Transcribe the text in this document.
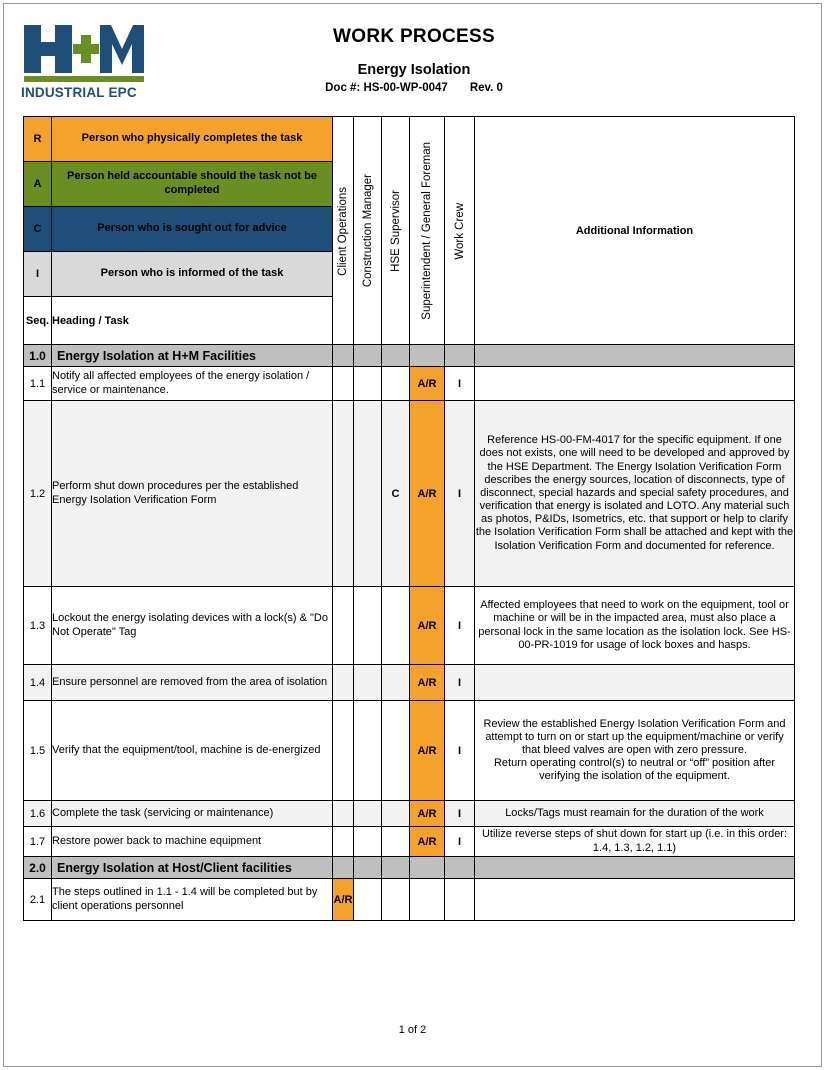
INDUSTRIAL EPC
WORK PROCESS
Energy Isolation
Doc #: HS-00-WP-0047 Rev. 0
R	Person who physically completes the task	Client Operations	Construction Manager	HSE Supervisor	Superintendent / General Foreman	Work Crew	Additional Information
A	Person held accountable should the task not be completed						
C	Person who is sought out for advice						
I	Person who is informed of the task						
Seq.	Heading / Task						
1.0	Energy Isolation at H+M Facilities						
1.1	Notify all affected employees of the energy isolation / service or maintenance.				A/R	I	
1.2	Perform shut down procedures per the established Energy Isolation Verification Form			C	A/R	I	Reference HS-00-FM-4017 for the specific equipment. If one does not exists, one will need to be developed and approved by the HSE Department. The Energy Isolation Verification Form describes the energy sources, location of disconnects, type of disconnect, special hazards and special safety procedures, and verification that energy is isolated and LOTO. Any material such as photos, P&IDs, Isometrics, etc. that support or help to clarify the Isolation Verification Form shall be attached and kept with the Isolation Verification Form and documented for reference.
1.3	Lockout the energy isolating devices with a lock(s) & "Do Not Operate" Tag				A/R	I	Affected employees that need to work on the equipment, tool or machine or will be in the impacted area, must also place a personal lock in the same location as the isolation lock. See HS- 00-PR-1019 for usage of lock boxes and hasps.
1.4	Ensure personnel are removed from the area of isolation				A/R	I	
1.5	Verify that the equipment/tool, machine is de-energized				A/R	I	Review the established Energy Isolation Verification Form and attempt to turn on or start up the equipment/machine or verify that bleed valves are open with zero pressure.
Return operating control(s) to neutral or “off” position after verifying the isolation of the equipment.
1.6	Complete the task (servicing or maintenance)				A/R	I	Locks/Tags must reamain for the duration of the work
1.7	Restore power back to machine equipment				A/R	I	Utilize reverse steps of shut down for start up (i.e. in this order: 1.4, 1.3, 1.2, 1.1)
2.0	Energy Isolation at Host/Client facilities						
2.1	The steps outlined in 1.1 - 1.4 will be completed but by client operations personnel	A/R					
1 of 2
